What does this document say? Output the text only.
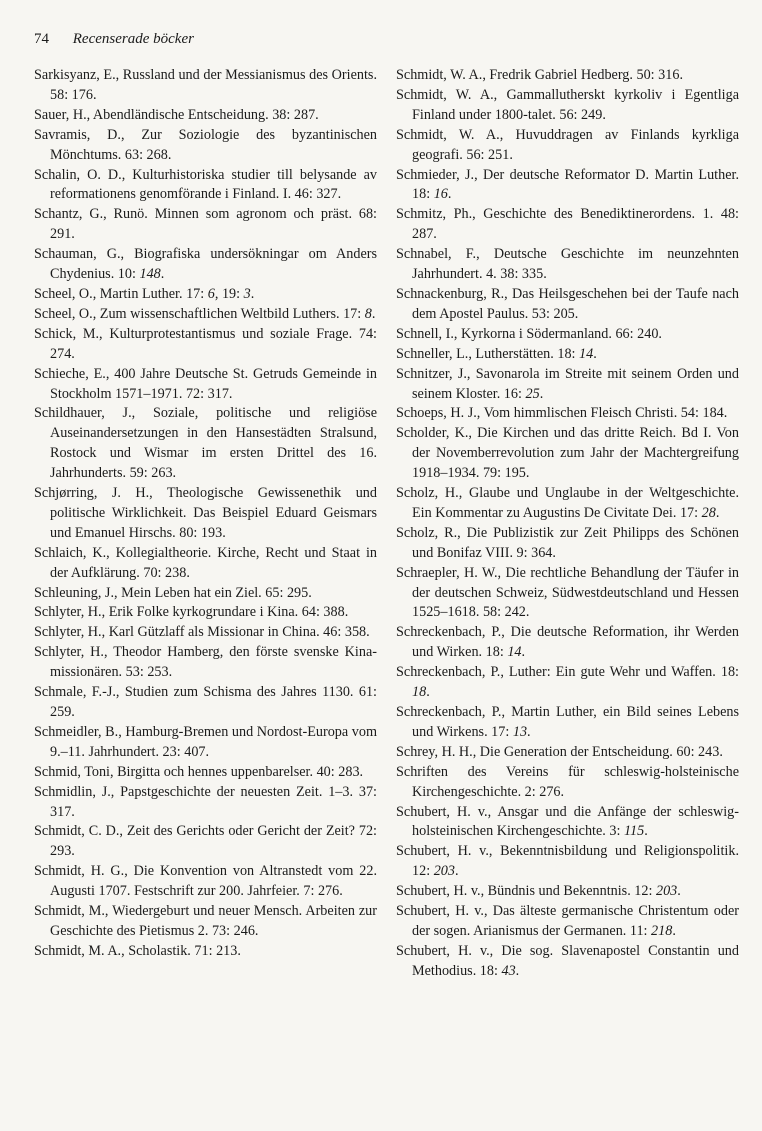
74 Recenserade böcker
Sarkisyanz, E., Russland und der Messianismus des Orients. 58: 176.
Sauer, H., Abendländische Entscheidung. 38: 287.
Savramis, D., Zur Soziologie des byzantinischen Mönchtums. 63: 268.
Schalin, O. D., Kulturhistoriska studier till belysande av reformationens genomförande i Finland. I. 46: 327.
Schantz, G., Runö. Minnen som agronom och präst. 68: 291.
Schauman, G., Biografiska undersökningar om Anders Chydenius. 10: 148.
Scheel, O., Martin Luther. 17: 6, 19: 3.
Scheel, O., Zum wissenschaftlichen Weltbild Luthers. 17: 8.
Schick, M., Kulturprotestantismus und soziale Frage. 74: 274.
Schieche, E., 400 Jahre Deutsche St. Getruds Gemeinde in Stockholm 1571–1971. 72: 317.
Schildhauer, J., Soziale, politische und religiöse Auseinandersetzungen in den Hansestädten Stralsund, Rostock und Wismar im ersten Drittel des 16. Jahrhunderts. 59: 263.
Schjørring, J. H., Theologische Gewissenethik und politische Wirklichkeit. Das Beispiel Eduard Geismars und Emanuel Hirschs. 80: 193.
Schlaich, K., Kollegialtheorie. Kirche, Recht und Staat in der Aufklärung. 70: 238.
Schleuning, J., Mein Leben hat ein Ziel. 65: 295.
Schlyter, H., Erik Folke kyrkogrundare i Kina. 64: 388.
Schlyter, H., Karl Gützlaff als Missionar in China. 46: 358.
Schlyter, H., Theodor Hamberg, den förste svenske Kina-missionären. 53: 253.
Schmale, F.-J., Studien zum Schisma des Jahres 1130. 61: 259.
Schmeidler, B., Hamburg-Bremen und Nordost-Europa vom 9.–11. Jahrhundert. 23: 407.
Schmid, Toni, Birgitta och hennes uppenbarelser. 40: 283.
Schmidlin, J., Papstgeschichte der neuesten Zeit. 1–3. 37: 317.
Schmidt, C. D., Zeit des Gerichts oder Gericht der Zeit? 72: 293.
Schmidt, H. G., Die Konvention von Altranstedt vom 22. Augusti 1707. Festschrift zur 200. Jahrfeier. 7: 276.
Schmidt, M., Wiedergeburt und neuer Mensch. Arbeiten zur Geschichte des Pietismus 2. 73: 246.
Schmidt, M. A., Scholastik. 71: 213.
Schmidt, W. A., Fredrik Gabriel Hedberg. 50: 316.
Schmidt, W. A., Gammallutherskt kyrkoliv i Egentliga Finland under 1800-talet. 56: 249.
Schmidt, W. A., Huvuddragen av Finlands kyrkliga geografi. 56: 251.
Schmieder, J., Der deutsche Reformator D. Martin Luther. 18: 16.
Schmitz, Ph., Geschichte des Benediktinerordens. 1. 48: 287.
Schnabel, F., Deutsche Geschichte im neunzehnten Jahrhundert. 4. 38: 335.
Schnackenburg, R., Das Heilsgeschehen bei der Taufe nach dem Apostel Paulus. 53: 205.
Schnell, I., Kyrkorna i Södermanland. 66: 240.
Schneller, L., Lutherstätten. 18: 14.
Schnitzer, J., Savonarola im Streite mit seinem Orden und seinem Kloster. 16: 25.
Schoeps, H. J., Vom himmlischen Fleisch Christi. 54: 184.
Scholder, K., Die Kirchen und das dritte Reich. Bd I. Von der Novemberrevolution zum Jahr der Machtergreifung 1918–1934. 79: 195.
Scholz, H., Glaube und Unglaube in der Weltgeschichte. Ein Kommentar zu Augustins De Civitate Dei. 17: 28.
Scholz, R., Die Publizistik zur Zeit Philipps des Schönen und Bonifaz VIII. 9: 364.
Schraepler, H. W., Die rechtliche Behandlung der Täufer in der deutschen Schweiz, Südwestdeutschland und Hessen 1525–1618. 58: 242.
Schreckenbach, P., Die deutsche Reformation, ihr Werden und Wirken. 18: 14.
Schreckenbach, P., Luther: Ein gute Wehr und Waffen. 18: 18.
Schreckenbach, P., Martin Luther, ein Bild seines Lebens und Wirkens. 17: 13.
Schrey, H. H., Die Generation der Entscheidung. 60: 243.
Schriften des Vereins für schleswig-holsteinische Kirchengeschichte. 2: 276.
Schubert, H. v., Ansgar und die Anfänge der schleswig-holsteinischen Kirchengeschichte. 3: 115.
Schubert, H. v., Bekenntnisbildung und Religionspolitik. 12: 203.
Schubert, H. v., Bündnis und Bekenntnis. 12: 203.
Schubert, H. v., Das älteste germanische Christentum oder der sogen. Arianismus der Germanen. 11: 218.
Schubert, H. v., Die sog. Slavenapostel Constantin und Methodius. 18: 43.
